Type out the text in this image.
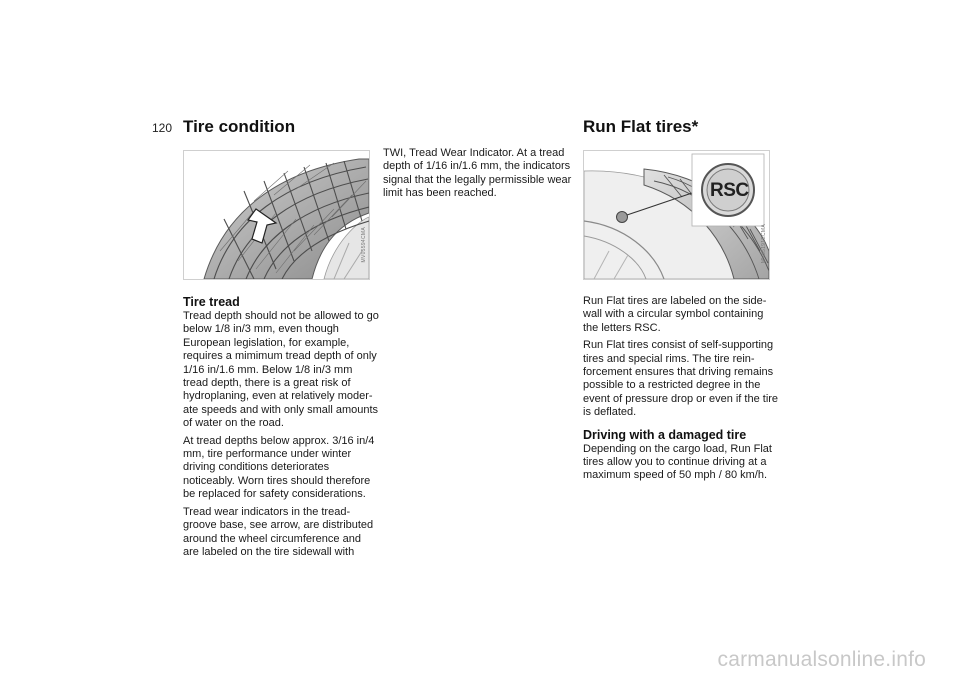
120 Tire condition
MV05594CMA
Tire tread

Tread depth should not be allowed to go below 1/8 in/3 mm, even though European legislation, for example, requires a mimimum tread depth of only 1/16 in/1.6 mm. Below 1/8 in/3 mm tread depth, there is a great risk of hydroplaning, even at relatively moder-ate speeds and with only small amounts of water on the road.

At tread depths below approx. 3/16 in/4 mm, tire performance under winter driving conditions deteriorates noticeably. Worn tires should therefore be replaced for safety considerations.

Tread wear indicators in the tread-groove base, see arrow, are distributed around the wheel circumference and are labeled on the tire sidewall with

TWI, Tread Wear Indicator. At a tread depth of 1/16 in/1.6 mm, the indicators signal that the legally permissible wear limit has been reached.

Run Flat tires*
RSC
MV05191ECMA

Run Flat tires are labeled on the side-wall with a circular symbol containing the letters RSC.

Run Flat tires consist of self-supporting tires and special rims. The tire rein-forcement ensures that driving remains possible to a restricted degree in the event of pressure drop or even if the tire is deflated.

Driving with a damaged tire

Depending on the cargo load, Run Flat tires allow you to continue driving at a maximum speed of 50 mph / 80 km/h.

carmanualsonline.info
